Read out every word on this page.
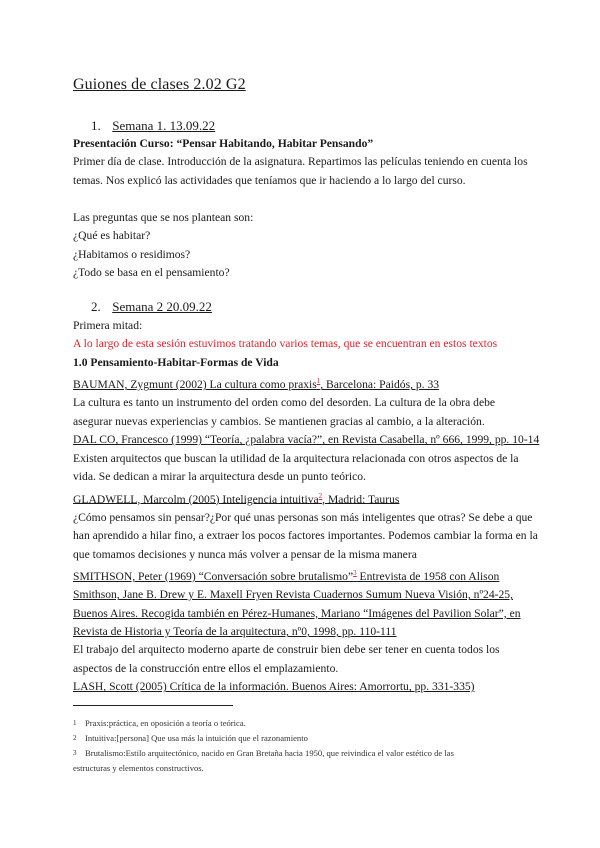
Guiones de clases 2.02 G2
1. Semana 1. 13.09.22
Presentación Curso: “Pensar Habitando, Habitar Pensando”
Primer día de clase. Introducción de la asignatura. Repartimos las películas teniendo en cuenta los
temas. Nos explicó las actividades que teníamos que ir haciendo a lo largo del curso.
Las preguntas que se nos plantean son:
¿Qué es habitar?
¿Habitamos o residimos?
¿Todo se basa en el pensamiento?
2. Semana 2 20.09.22
Primera mitad:
A lo largo de esta sesión estuvimos tratando varios temas, que se encuentran en estos textos
1.0 Pensamiento-Habitar-Formas de Vida
BAUMAN, Zygmunt (2002) La cultura como praxis$^1$, Barcelona: Paidós, p. 33
La cultura es tanto un instrumento del orden como del desorden. La cultura de la obra debe
asegurar nuevas experiencias y cambios. Se mantienen gracias al cambio, a la alteración.
DAL CO, Francesco (1999) “Teoría, ¿palabra vacía?”, en Revista Casabella, nº 666, 1999, pp. 10-14
Existen arquitectos que buscan la utilidad de la arquitectura relacionada con otros aspectos de la
vida. Se dedican a mirar la arquitectura desde un punto teórico.
GLADWELL, Marcolm (2005) Inteligencia intuitiva$^2$, Madrid: Taurus
¿Cómo pensamos sin pensar?¿Por qué unas personas son más inteligentes que otras? Se debe a que
han aprendido a hilar fino, a extraer los pocos factores importantes. Podemos cambiar la forma en la
que tomamos decisiones y nunca más volver a pensar de la misma manera
SMITHSON, Peter (1969) “Conversación sobre brutalismo”$^3$ Entrevista de 1958 con Alison
Smithson, Jane B. Drew y E. Maxell Fryen Revista Cuadernos Sumum Nueva Visión, nº24-25,
Buenos Aires. Recogida también en Pérez-Humanes, Mariano “Imágenes del Pavilion Solar”, en
Revista de Historia y Teoría de la arquitectura, nº0, 1998, pp. 110-111
El trabajo del arquitecto moderno aparte de construir bien debe ser tener en cuenta todos los
aspectos de la construcción entre ellos el emplazamiento.
LASH, Scott (2005) Crítica de la información. Buenos Aires: Amorrortu, pp. 331-335)
1 Praxis:práctica, en oposición a teoría o teórica.
2 Intuitiva:[persona] Que usa más la intuición que el razonamiento
3 Brutalismo:Estilo arquitectónico, nacido en Gran Bretaña hacia 1950, que reivindica el valor estético de las
estructuras y elementos constructivos.
